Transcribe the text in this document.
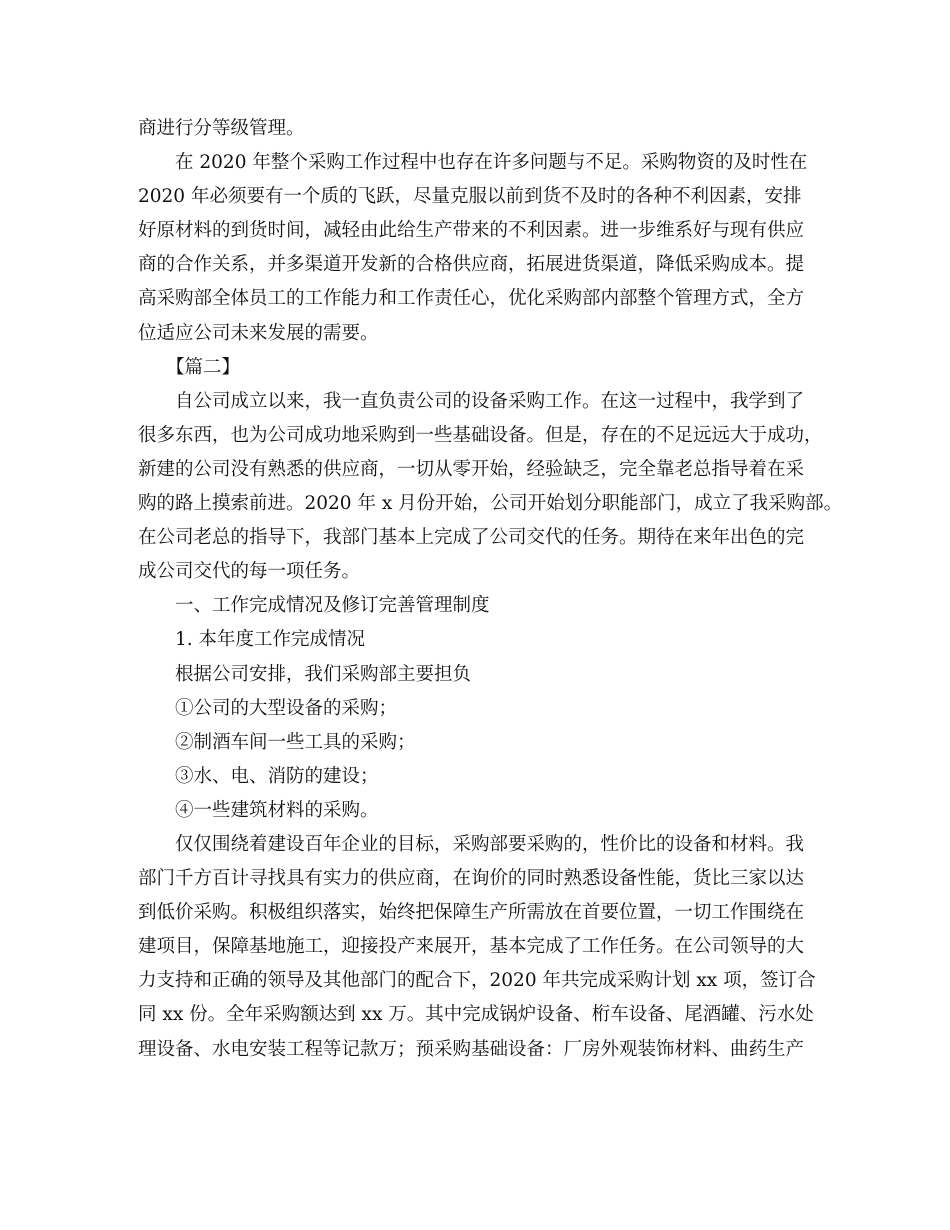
商进行分等级管理。
在 2020 年整个采购工作过程中也存在许多问题与不足。采购物资的及时性在
2020 年必须要有一个质的飞跃，尽量克服以前到货不及时的各种不利因素，安排
好原材料的到货时间，减轻由此给生产带来的不利因素。进一步维系好与现有供应
商的合作关系，并多渠道开发新的合格供应商，拓展进货渠道，降低采购成本。提
高采购部全体员工的工作能力和工作责任心，优化采购部内部整个管理方式，全方
位适应公司未来发展的需要。
【篇二】
自公司成立以来，我一直负责公司的设备采购工作。在这一过程中，我学到了
很多东西，也为公司成功地采购到一些基础设备。但是，存在的不足远远大于成功，
新建的公司没有熟悉的供应商，一切从零开始，经验缺乏，完全靠老总指导着在采
购的路上摸索前进。2020 年 x 月份开始，公司开始划分职能部门，成立了我采购部。
在公司老总的指导下，我部门基本上完成了公司交代的任务。期待在来年出色的完
成公司交代的每一项任务。
一、工作完成情况及修订完善管理制度
1. 本年度工作完成情况
根据公司安排，我们采购部主要担负
①公司的大型设备的采购；
②制酒车间一些工具的采购；
③水、电、消防的建设；
④一些建筑材料的采购。
仅仅围绕着建设百年企业的目标，采购部要采购的，性价比的设备和材料。我
部门千方百计寻找具有实力的供应商，在询价的同时熟悉设备性能，货比三家以达
到低价采购。积极组织落实，始终把保障生产所需放在首要位置，一切工作围绕在
建项目，保障基地施工，迎接投产来展开，基本完成了工作任务。在公司领导的大
力支持和正确的领导及其他部门的配合下，2020 年共完成采购计划 xx 项，签订合
同 xx 份。全年采购额达到 xx 万。其中完成锅炉设备、桁车设备、尾酒罐、污水处
理设备、水电安装工程等记款万；预采购基础设备：厂房外观装饰材料、曲药生产
